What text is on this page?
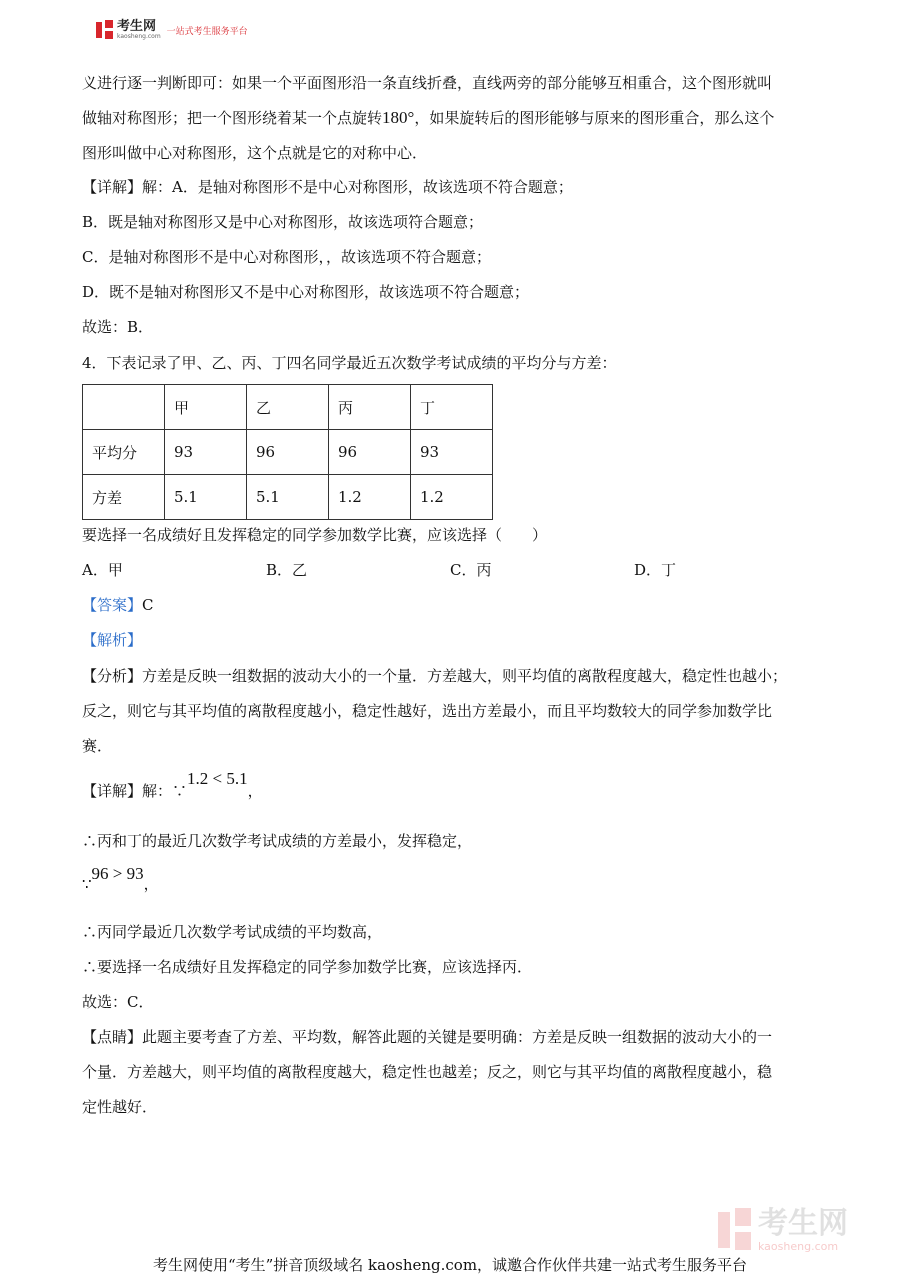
考生网
kaosheng.com 一站式考生服务平台
义进行逐一判断即可：如果一个平面图形沿一条直线折叠，直线两旁的部分能够互相重合，这个图形就叫
做轴对称图形；把一个图形绕着某一个点旋转180°，如果旋转后的图形能够与原来的图形重合，那么这个
图形叫做中心对称图形，这个点就是它的对称中心．
【详解】解：A．是轴对称图形不是中心对称图形，故该选项不符合题意；
B．既是轴对称图形又是中心对称图形，故该选项符合题意；
C．是轴对称图形不是中心对称图形，，故该选项不符合题意；
D．既不是轴对称图形又不是中心对称图形，故该选项不符合题意；
故选：B．
4．下表记录了甲、乙、丙、丁四名同学最近五次数学考试成绩的平均分与方差：
	甲	乙	丙	丁
平均分	93	96	96	93
方差	5.1	5.1	1.2	1.2
要选择一名成绩好且发挥稳定的同学参加数学比赛，应该选择（　　）
A．甲	B．乙	C．丙	D．丁
【答案】C
【解析】
【分析】方差是反映一组数据的波动大小的一个量．方差越大，则平均值的离散程度越大，稳定性也越小；
反之，则它与其平均值的离散程度越小，稳定性越好，选出方差最小，而且平均数较大的同学参加数学比
赛．
【详解】解：∵1.2 < 5.1，
∴丙和丁的最近几次数学考试成绩的方差最小，发挥稳定，
∵96 > 93，
∴丙同学最近几次数学考试成绩的平均数高，
∴要选择一名成绩好且发挥稳定的同学参加数学比赛，应该选择丙．
故选：C．
【点睛】此题主要考查了方差、平均数，解答此题的关键是要明确：方差是反映一组数据的波动大小的一
个量．方差越大，则平均值的离散程度越大，稳定性也越差；反之，则它与其平均值的离散程度越小，稳
定性越好．
考生网
kaosheng.com
考生网使用“考生”拼音顶级域名 kaosheng.com，诚邀合作伙伴共建一站式考生服务平台
